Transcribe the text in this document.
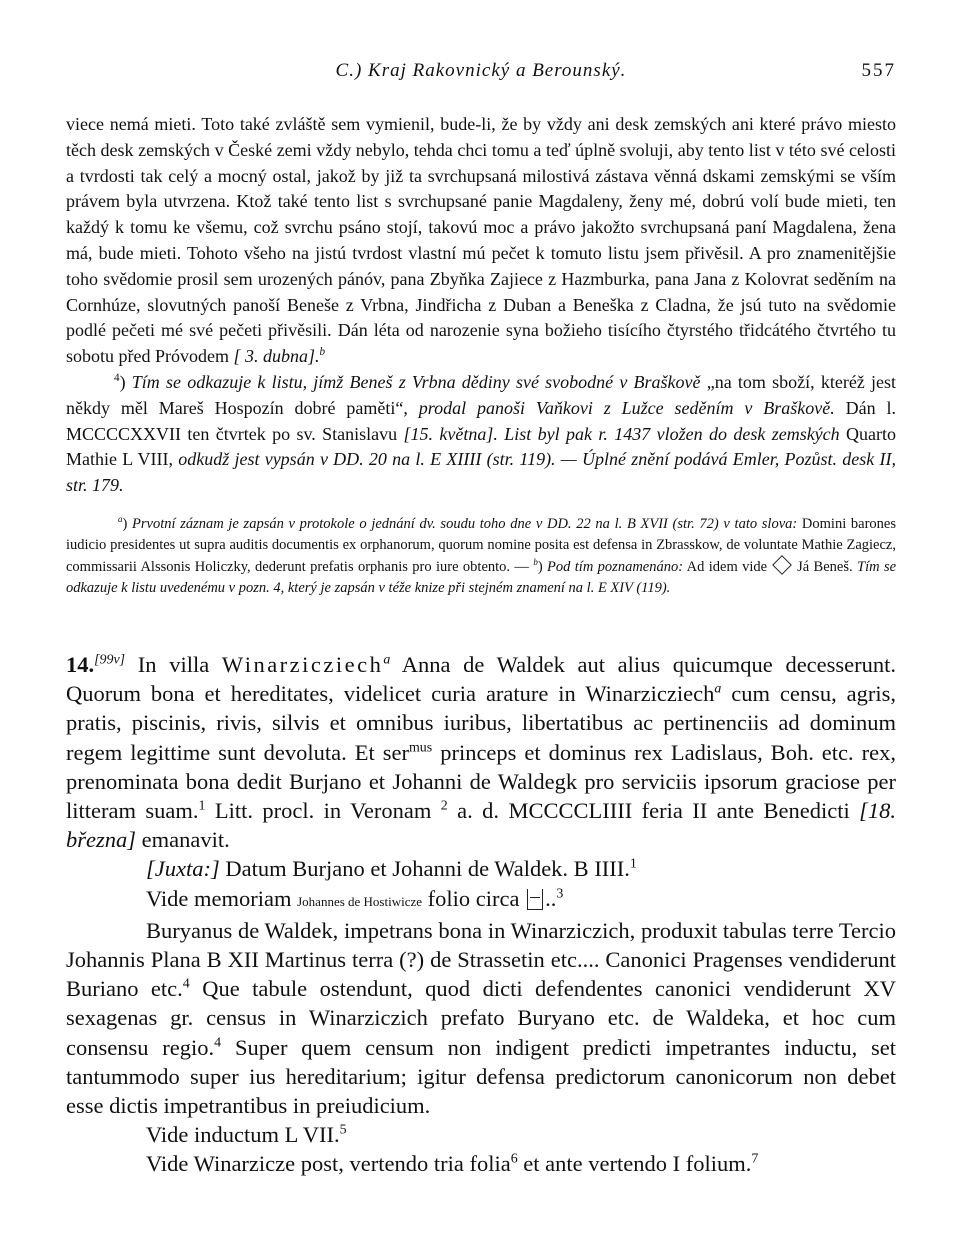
C.) Kraj Rakovnický a Berounský.	557

viece nemá mieti. Toto také zvláště sem vymienil, bude-li, že by vždy ani desk zemských ani které právo miesto těch desk zemských v České zemi vždy nebylo, tehda chci tomu a teď úplně svoluji, aby tento list v této své celosti a tvrdosti tak celý a mocný ostal, jakož by již ta svrchupsaná milostivá zástava věnná dskami zemskými se vším právem byla utvrzena. Ktož také tento list s svrchupsané panie Magdaleny, ženy mé, dobrú volí bude mieti, ten každý k tomu ke všemu, což svrchu psáno stojí, takovú moc a právo jakožto svrchupsaná paní Magdalena, žena má, bude mieti. Tohoto všeho na jistú tvrdost vlastní mú pečet k tomuto listu jsem přivěsil. A pro znamenitějšie toho svědomie prosil sem urozených pánóv, pana Zbyňka Zajiece z Hazmburka, pana Jana z Kolovrat seděním na Cornhúze, slovutných panoší Beneše z Vrbna, Jindřicha z Duban a Beneška z Cladna, že jsú tuto na svědomie podlé pečeti mé své pečeti přivěsili. Dán léta od narozenie syna božieho tisícího čtyrstého třidcátého čtvrtého tu sobotu před Próvodem [ 3. dubna].$^b$

$^4$) Tím se odkazuje k listu, jímž Beneš z Vrbna dědiny své svobodné v Braškově „na tom sboží, kteréž jest někdy měl Mareš Hospozín dobré paměti“, prodal panoši Vaňkovi z Lužce seděním v Braškově. Dán l. MCCCCXXVII ten čtvrtek po sv. Stanislavu [15. května]. List byl pak r. 1437 vložen do desk zemských Quarto Mathie L VIII, odkudž jest vypsán v DD. 20 na l. E XIIII (str. 119). — Úplné znění podává Emler, Pozůst. desk II, str. 179.

$^a$) Prvotní záznam je zapsán v protokole o jednání dv. soudu toho dne v DD. 22 na l. B XVII (str. 72) v tato slova: Domini barones iudicio presidentes ut supra auditis documentis ex orphanorum, quorum nomine posita est defensa in Zbrasskow, de voluntate Mathie Zagiecz, commissarii Alssonis Holiczky, dederunt prefatis orphanis pro iure obtento. — $^b$) Pod tím poznamenáno: Ad idem vide Já Beneš. Tím se odkazuje k listu uvedenému v pozn. 4, který je zapsán v téže knize při stejném znamení na l. E XIV (119).

14.[99v] In villa Winarzicziech$^a$ Anna de Waldek aut alius quicumque decesserunt. Quorum bona et hereditates, videlicet curia arature in Winarzicziech$^a$ cum censu, agris, pratis, piscinis, rivis, silvis et omnibus iuribus, libertatibus ac pertinenciis ad dominum regem legittime sunt devoluta. Et ser$^{mus}$ princeps et dominus rex Ladislaus, Boh. etc. rex, prenominata bona dedit Burjano et Johanni de Waldegk pro serviciis ipsorum graciose per litteram suam.$^1$ Litt. procl. in Veronam $^2$ a. d. MCCCCLIIII feria II ante Benedicti [18. března] emanavit.

[Juxta:] Datum Burjano et Johanni de Waldek. B IIII.$^1$

Vide memoriam Johannes de Hostiwicze folio circa ..$^3$

Buryanus de Waldek, impetrans bona in Winarziczich, produxit tabulas terre Tercio Johannis Plana B XII Martinus terra (?) de Strassetin etc.... Canonici Pragenses vendiderunt Buriano etc.$^4$ Que tabule ostendunt, quod dicti defendentes canonici vendiderunt XV sexagenas gr. census in Winarziczich prefato Buryano etc. de Waldeka, et hoc cum consensu regio.$^4$ Super quem censum non indigent predicti impetrantes inductu, set tantummodo super ius hereditarium; igitur defensa predictorum canonicorum non debet esse dictis impetrantibus in preiudicium.

Vide inductum L VII.$^5$

Vide Winarzicze post, vertendo tria folia$^6$ et ante vertendo I folium.$^7$
